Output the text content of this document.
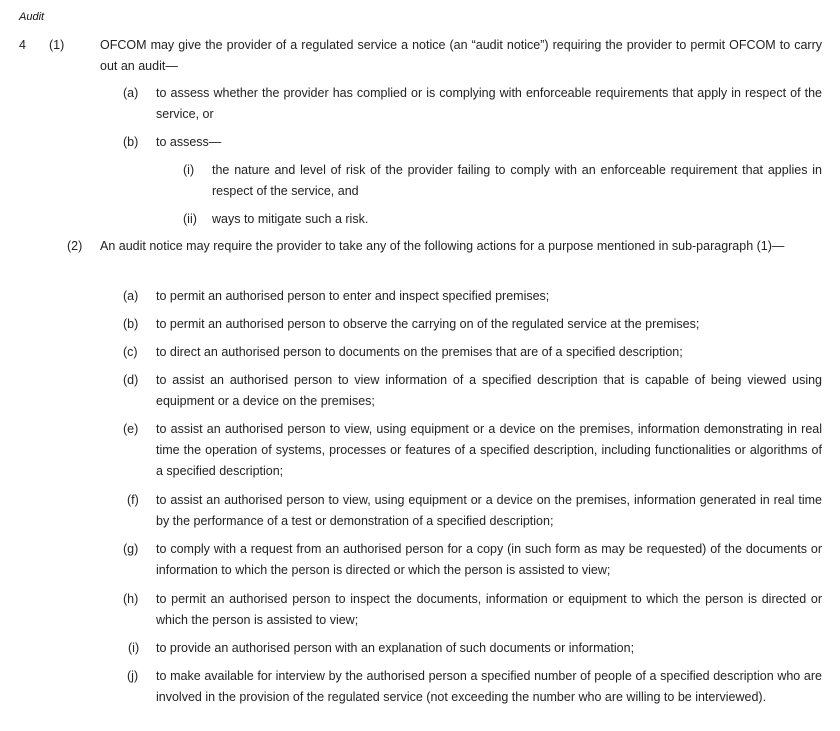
Audit
4 (1)	OFCOM may give the provider of a regulated service a notice (an “audit notice”) requiring the provider to permit OFCOM to carry out an audit—
(a) to assess whether the provider has complied or is complying with enforceable requirements that apply in respect of the service, or
(b) to assess—
(i) the nature and level of risk of the provider failing to comply with an enforceable requirement that applies in respect of the service, and
(ii) ways to mitigate such a risk.
(2) An audit notice may require the provider to take any of the following actions for a purpose mentioned in sub-paragraph (1)—
(a) to permit an authorised person to enter and inspect specified premises;
(b) to permit an authorised person to observe the carrying on of the regulated service at the premises;
(c) to direct an authorised person to documents on the premises that are of a specified description;
(d) to assist an authorised person to view information of a specified description that is capable of being viewed using equipment or a device on the premises;
(e) to assist an authorised person to view, using equipment or a device on the premises, information demonstrating in real time the operation of systems, processes or features of a specified description, including functionalities or algorithms of a specified description;
(f) to assist an authorised person to view, using equipment or a device on the premises, information generated in real time by the performance of a test or demonstration of a specified description;
(g) to comply with a request from an authorised person for a copy (in such form as may be requested) of the documents or information to which the person is directed or which the person is assisted to view;
(h) to permit an authorised person to inspect the documents, information or equipment to which the person is directed or which the person is assisted to view;
(i) to provide an authorised person with an explanation of such documents or information;
(j) to make available for interview by the authorised person a specified number of people of a specified description who are involved in the provision of the regulated service (not exceeding the number who are willing to be interviewed).
